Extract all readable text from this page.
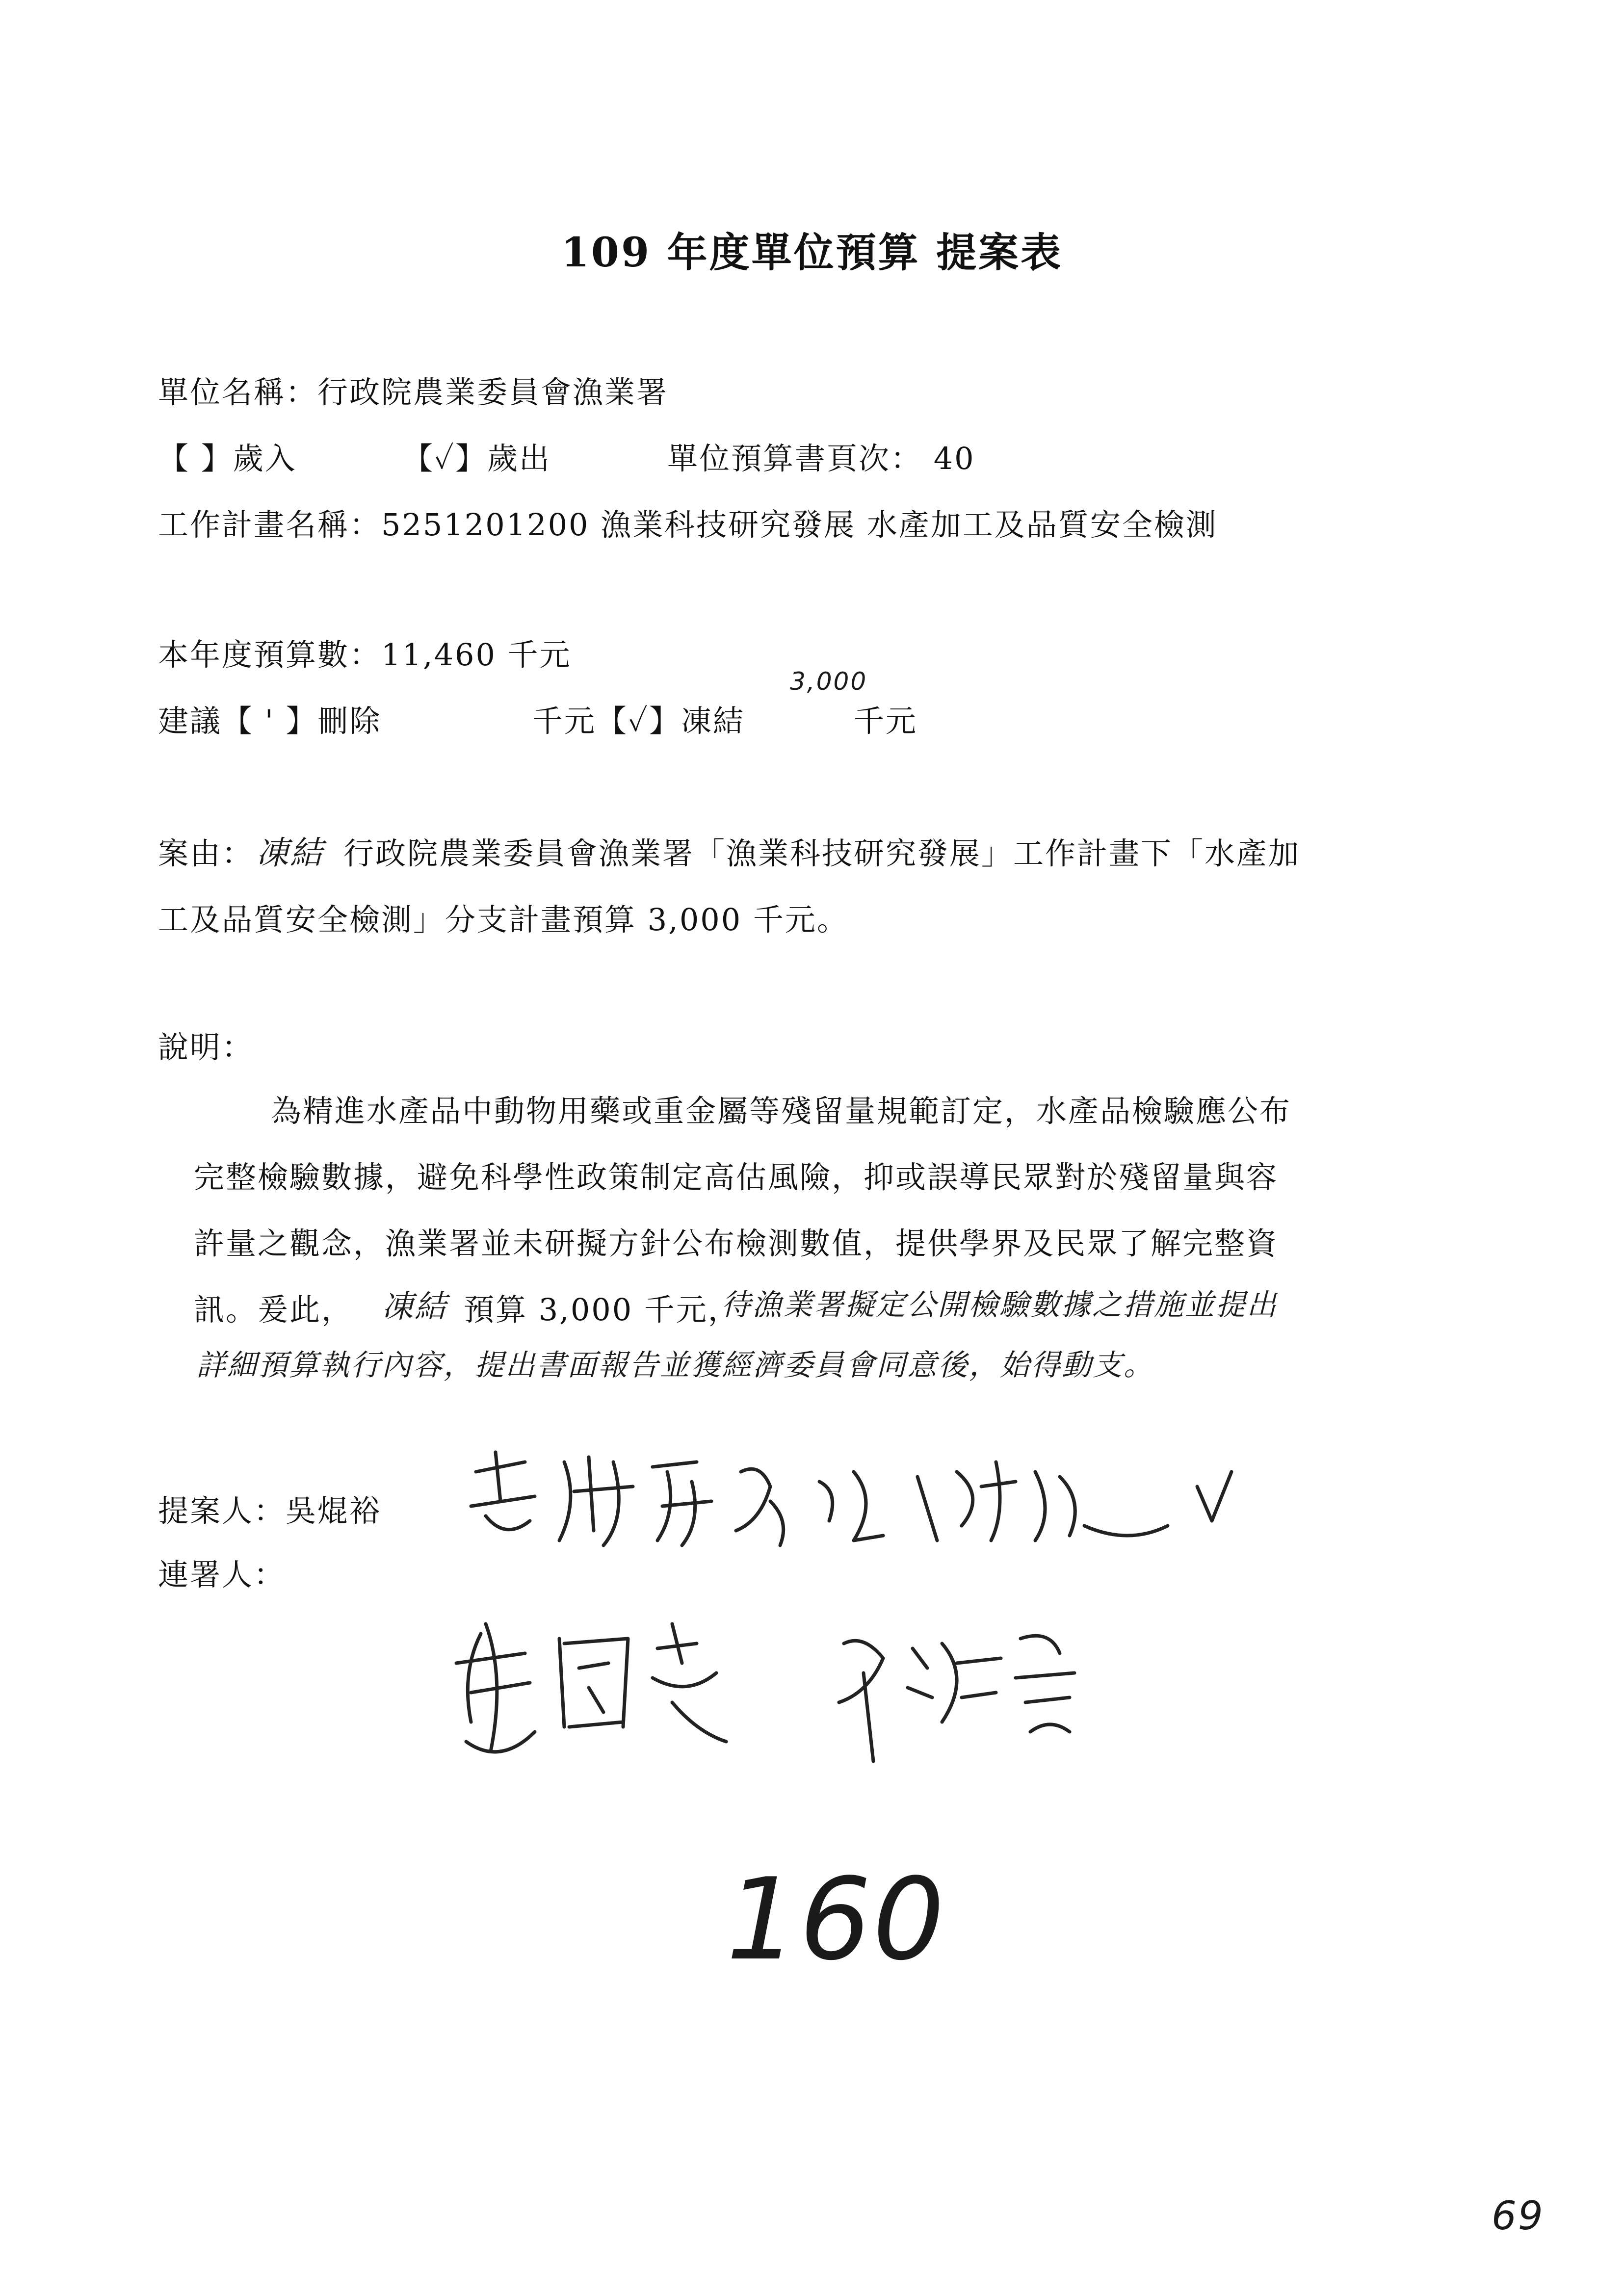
109 年度單位預算 提案表
單位名稱：行政院農業委員會漁業署
【 】歲入	【✓】歲出	單位預算書頁次： 40
工作計畫名稱：5251201200 漁業科技研究發展 水產加工及品質安全檢測
本年度預算數：11,460 千元
建議【 ' 】刪除	千元【✓】凍結
3,000
千元
案由： 凍結 行政院農業委員會漁業署「漁業科技研究發展」工作計畫下「水產加
工及品質安全檢測」分支計畫預算 3,000 千元。
說明：
為精進水產品中動物用藥或重金屬等殘留量規範訂定，水產品檢驗應公布
完整檢驗數據，避免科學性政策制定高估風險，抑或誤導民眾對於殘留量與容
許量之觀念，漁業署並未研擬方針公布檢測數值，提供學界及民眾了解完整資
訊。爰此， 凍結 預算 3,000 千元，
待漁業署擬定公開檢驗數據之措施並提出
詳細預算執行內容，提出書面報告並獲經濟委員會同意後，始得動支。
提案人：吳焜裕
連署人：
160
69
